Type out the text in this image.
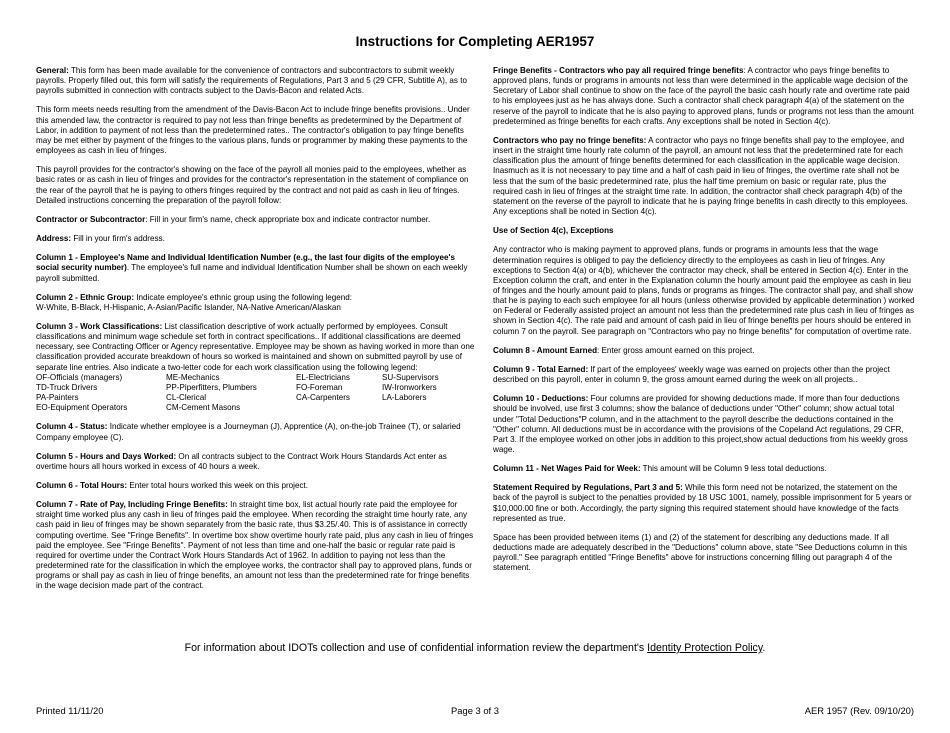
Instructions for Completing AER1957

General: This form has been made available for the convenience of contractors and subcontractors to submit weekly payrolls. Properly filled out, this form will satisfy the requirements of Regulations, Part 3 and 5 (29 CFR, Subtitle A), as to payrolls submitted in connection with contracts subject to the Davis-Bacon and related Acts.

This form meets needs resulting from the amendment of the Davis-Bacon Act to include fringe benefits provisions.. Under this amended law, the contractor is required to pay not less than fringe benefits as predetermined by the Department of Labor, in addition to payment of not less than the predetermined rates.. The contractor's obligation to pay fringe benefits may be met either by payment of the fringes to the various plans, funds or programmer by making these payments to the employees as cash in lieu of fringes.

This payroll provides for the contractor's showing on the face of the payroll all monies paid to the employees, whether as basic rates or as cash in lieu of fringes and provides for the contractor's representation in the statement of compliance on the rear of the payroll that he is paying to others fringes required by the contract and not paid as cash in lieu of fringes. Detailed instructions concerning the preparation of the payroll follow:

Contractor or Subcontractor: Fill in your firm's name, check appropriate box and indicate contractor number.

Address: Fill in your firm's address.

Column 1 - Employee's Name and Individual Identification Number (e.g., the last four digits of the employee's social security number). The employee's full name and individual Identification Number shall be shown on each weekly payroll submitted.

Column 2 - Ethnic Group: Indicate employee's ethnic group using the following legend:
W-White, B-Black, H-Hispanic, A-Asian/Pacific Islander, NA-Native American/Alaskan

Column 3 - Work Classifications: List classification descriptive of work actually performed by employees. Consult classifications and minimum wage schedule set forth in contract specifications.. If additional classifications are deemed necessary, see Contracting Officer or Agency representative. Employee may be shown as having worked in more than one classification provided accurate breakdown of hours so worked is maintained and shown on submitted payroll by use of separate line entries. Also indicate a two-letter code for each work classification using the following legend:

OF-Officials (managers)	ME-Mechanics	EL-Electricians	SU-Supervisors
TD-Truck Drivers	PP-Piperfitters, Plumbers	FO-Foreman	IW-Ironworkers
PA-Painters	CL-Clerical	CA-Carpenters	LA-Laborers
EO-Equipment Operators	CM-Cement Masons

Column 4 - Status: Indicate whether employee is a Journeyman (J), Apprentice (A), on-the-job Trainee (T), or salaried Company employee (C).

Column 5 - Hours and Days Worked: On all contracts subject to the Contract Work Hours Standards Act enter as overtime hours all hours worked in excess of 40 hours a week.

Column 6 - Total Hours: Enter total hours worked this week on this project.

Column 7 - Rate of Pay, Including Fringe Benefits: In straight time box, list actual hourly rate paid the employee for straight time worked plus any cash in lieu of fringes paid the employee. When recording the straight time hourly rate, any cash paid in lieu of fringes may be shown separately from the basic rate, thus $3.25/.40. This is of assistance in correctly computing overtime. See "Fringe Benefits". In overtime box show overtime hourly rate paid, plus any cash in lieu of fringes paid the employee. See "Fringe Benefits". Payment of not less than time and one-half the basic or regular rate paid is required for overtime under the Contract Work Hours Standards Act of 1962. In addition to paying not less than the predetermined rate for the classification in which the employee works, the contractor shall pay to approved plans, funds or programs or shall pay as cash in lieu of fringe benefits, an amount not less than the predetermined rate for fringe benefits in the wage decision made part of the contract.

Fringe Benefits - Contractors who pay all required fringe benefits: A contractor who pays fringe benefits to approved plans, funds or programs in amounts not less than were determined in the applicable wage decision of the Secretary of Labor shall continue to show on the face of the payroll the basic cash hourly rate and overtime rate paid to his employees just as he has always done. Such a contractor shall check paragraph 4(a) of the statement on the reserve of the payroll to indicate that he is also paying to approved plans, funds or programs not less than the amount predetermined as fringe benefits for each crafts. Any exceptions shall be noted in Section 4(c).

Contractors who pay no fringe benefits: A contractor who pays no fringe benefits shall pay to the employee, and insert in the straight time hourly rate column of the payroll, an amount not less that the predetermined rate for each classification plus the amount of fringe benefits determined for each classification in the applicable wage decision. Inasmuch as it is not necessary to pay time and a half of cash paid in lieu of fringes, the overtime rate shall not be less that the sum of the basic predetermined rate, plus the half time premium on basic or regular rate, plus the required cash in lieu of fringes at the straight time rate. In addition, the contractor shall check paragraph 4(b) of the statement on the reverse of the payroll to indicate that he is paying fringe benefits in cash directly to this employees. Any exceptions shall be noted in Section 4(c).

Use of Section 4(c), Exceptions

Any contractor who is making payment to approved plans, funds or programs in amounts less that the wage determination requires is obliged to pay the deficiency directly to the employees as cash in lieu of fringes. Any exceptions to Section 4(a) or 4(b), whichever the contractor may check, shall be entered in Section 4(c). Enter in the Exception column the craft, and enter in the Explanation column the hourly amount paid the employee as cash in lieu of fringes and the hourly amount paid to plans, funds or programs as fringes. The contractor shall pay, and shall show that he is paying to each such employee for all hours (unless otherwise provided by applicable determination ) worked on Federal or Federally assisted project an amount not less than the predetermined rate plus cash in lieu of fringes as shown in Section 4(c). The rate paid and amount of cash paid in lieu of fringe benefits per hours should be entered in column 7 on the payroll. See paragraph on "Contractors who pay no fringe benefits" for computation of overtime rate.

Column 8 - Amount Earned: Enter gross amount earned on this project.

Column 9 - Total Earned: If part of the employees' weekly wage was earned on projects other than the project described on this payroll, enter in column 9, the gross amount earned during the week on all projects..

Column 10 - Deductions: Four columns are provided for showing deductions made. If more than four deductions should be involved, use first 3 columns; show the balance of deductions under "Other" column; show actual total under "Total Deductions"P column, and in the attachment to the payroll describe the deductions contained in the "Other" column. All deductions must be in accordance with the provisions of the Copeland Act regulations, 29 CFR, Part 3. If the employee worked on other jobs in addition to this project,show actual deductions from his weekly gross wage.

Column 11 - Net Wages Paid for Week: This amount will be Column 9 less total deductions.

Statement Required by Regulations, Part 3 and 5: While this form need not be notarized, the statement on the back of the payroll is subject to the penalties provided by 18 USC 1001, namely, possible imprisonment for 5 years or $10,000.00 fine or both. Accordingly, the party signing this required statement should have knowledge of the facts represented as true.

Space has been provided between items (1) and (2) of the statement for describing any deductions made. If all deductions made are adequately described in the "Deductions" column above, state "See Deductions column in this payroll." See paragraph entitled "Fringe Benefits" above for instructions concerning filling out paragraph 4 of the statement.

For information about IDOTs collection and use of confidential information review the department's Identity Protection Policy.
Printed 11/11/20	Page 3 of 3	AER 1957 (Rev. 09/10/20)
